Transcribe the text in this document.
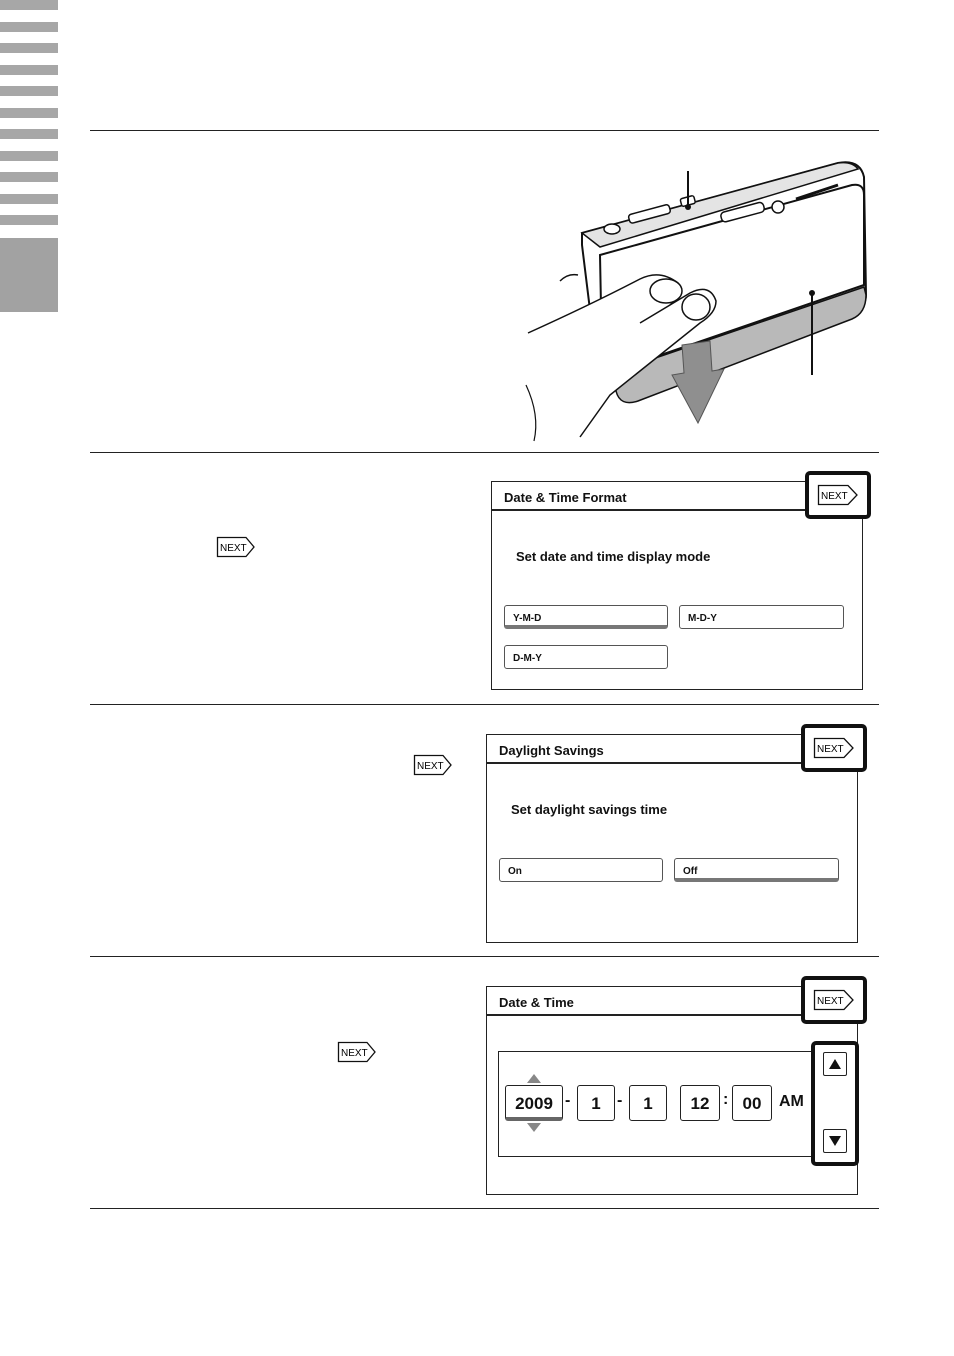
NEXT
NEXT
NEXT
Date & Time Format
Set date and time display mode
Y-M-D	M-D-Y
D-M-Y
NEXT
Daylight Savings
Set daylight savings time
On	Off
NEXT
Date & Time
2009 -	1	-	1	12 : 00	AM
NEXT
